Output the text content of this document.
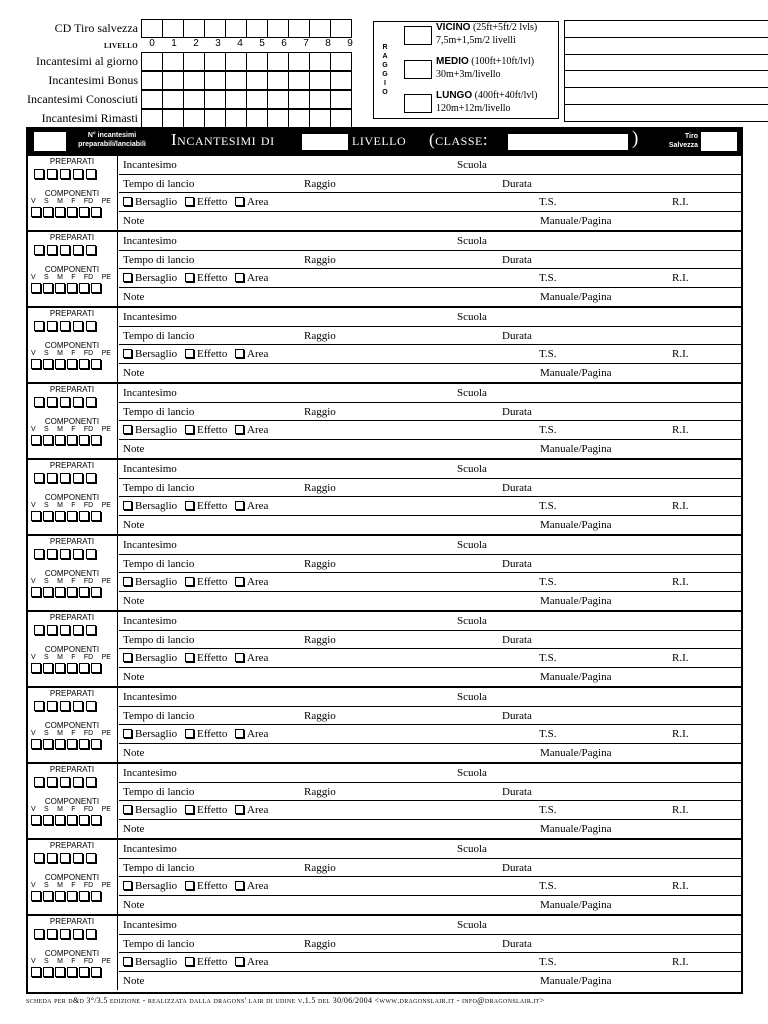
CD Tiro salvezza
LIVELLO	0	1	2	3	4	5	6	7	8	9
Incantesimi al giorno
Incantesimi Bonus
Incantesimi Conosciuti
Incantesimi Rimasti
R
A
G
G
I
O
VICINO (25ft+5ft/2 lvls)
7,5m+1,5m/2 livelli
MEDIO (100ft+10ft/lvl)
30m+3m/livello
LUNGO (400ft+40ft/lvl)
120m+12m/livello
N° incantesimi
preparabili/lanciabili	Incantesimi di	livello (classe:	)	Tiro
Salvezza
PREPARATI
COMPONENTI
V S M F FD PE
Incantesimo	Scuola
Tempo di lancio	Raggio	Durata
Bersaglio	Effetto	Area	T.S.	R.I.
Note	Manuale/Pagina
PREPARATI
COMPONENTI
V S M F FD PE
Incantesimo	Scuola
Tempo di lancio	Raggio	Durata
Bersaglio	Effetto	Area	T.S.	R.I.
Note	Manuale/Pagina
PREPARATI
COMPONENTI
V S M F FD PE
Incantesimo	Scuola
Tempo di lancio	Raggio	Durata
Bersaglio	Effetto	Area	T.S.	R.I.
Note	Manuale/Pagina
PREPARATI
COMPONENTI
V S M F FD PE
Incantesimo	Scuola
Tempo di lancio	Raggio	Durata
Bersaglio	Effetto	Area	T.S.	R.I.
Note	Manuale/Pagina
PREPARATI
COMPONENTI
V S M F FD PE
Incantesimo	Scuola
Tempo di lancio	Raggio	Durata
Bersaglio	Effetto	Area	T.S.	R.I.
Note	Manuale/Pagina
PREPARATI
COMPONENTI
V S M F FD PE
Incantesimo	Scuola
Tempo di lancio	Raggio	Durata
Bersaglio	Effetto	Area	T.S.	R.I.
Note	Manuale/Pagina
PREPARATI
COMPONENTI
V S M F FD PE
Incantesimo	Scuola
Tempo di lancio	Raggio	Durata
Bersaglio	Effetto	Area	T.S.	R.I.
Note	Manuale/Pagina
PREPARATI
COMPONENTI
V S M F FD PE
Incantesimo	Scuola
Tempo di lancio	Raggio	Durata
Bersaglio	Effetto	Area	T.S.	R.I.
Note	Manuale/Pagina
PREPARATI
COMPONENTI
V S M F FD PE
Incantesimo	Scuola
Tempo di lancio	Raggio	Durata
Bersaglio	Effetto	Area	T.S.	R.I.
Note	Manuale/Pagina
PREPARATI
COMPONENTI
V S M F FD PE
Incantesimo	Scuola
Tempo di lancio	Raggio	Durata
Bersaglio	Effetto	Area	T.S.	R.I.
Note	Manuale/Pagina
PREPARATI
COMPONENTI
V S M F FD PE
Incantesimo	Scuola
Tempo di lancio	Raggio	Durata
Bersaglio	Effetto	Area	T.S.	R.I.
Note	Manuale/Pagina
scheda per d&d 3°/3.5 edizione - realizzata dalla dragons' lair di udine v.1.5 del 30/06/2004 <www.dragonslair.it - info@dragonslair.it>
